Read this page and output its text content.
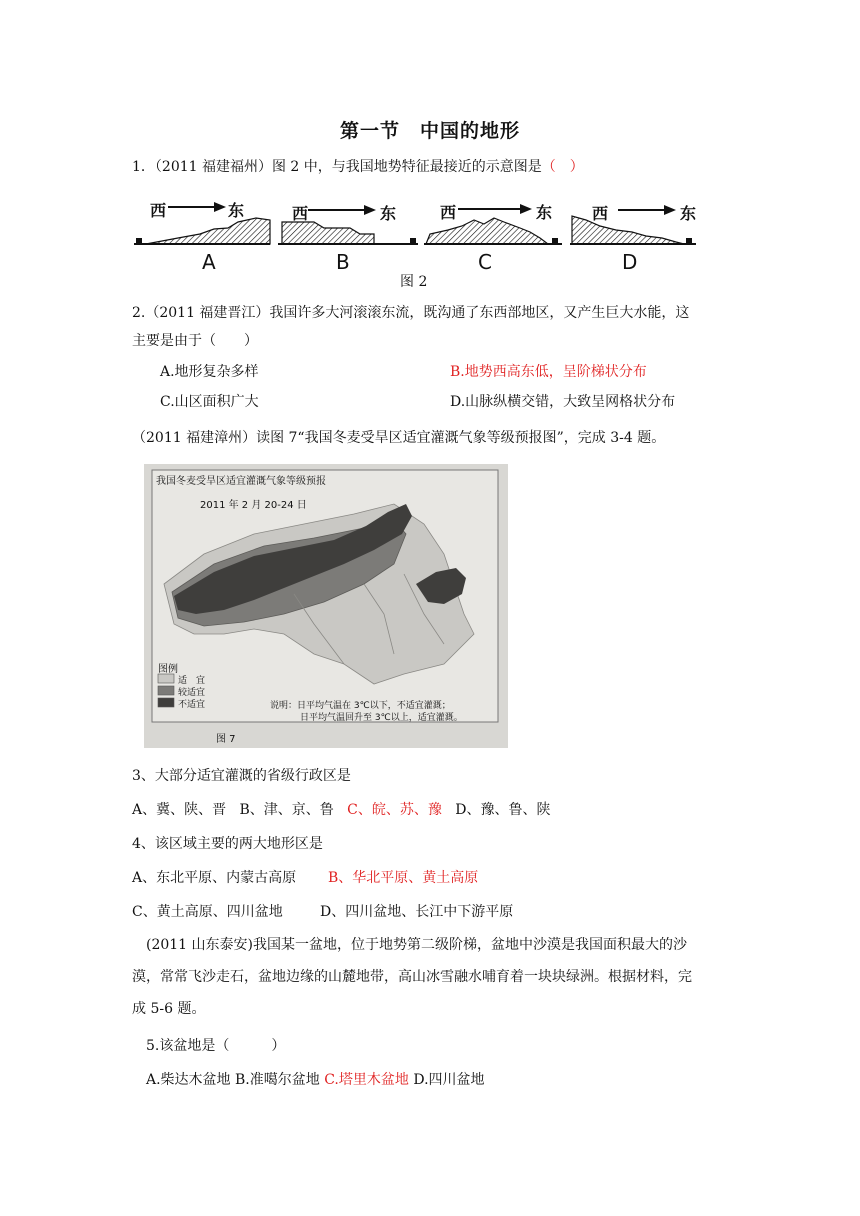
第一节　中国的地形
1．（2011 福建福州）图 2 中，与我国地势特征最接近的示意图是（　）
西	东	西	东	西	东 西	东
A	B	C	D
图 2
2.（2011 福建晋江）我国许多大河滚滚东流，既沟通了东西部地区，又产生巨大水能，这
主要是由于（　　）
A.地形复杂多样	B.地势西高东低，呈阶梯状分布
C.山区面积广大	D.山脉纵横交错，大致呈网格状分布
（2011 福建漳州）读图 7“我国冬麦受旱区适宜灌溉气象等级预报图”，完成 3-4 题。
我国冬麦受旱区适宜灌溉气象等级预报
2011 年 2 月 20-24 日
图例
适　宜
较适宜
不适宜	说明：日平均气温在 3℃以下，不适宜灌溉；
日平均气温回升至 3℃以上，适宜灌溉。
图 7
3、大部分适宜灌溉的省级行政区是
A、冀、陕、晋 B、津、京、鲁 C、皖、苏、豫 D、豫、鲁、陕
4、该区域主要的两大地形区是
A、东北平原、内蒙古高原 B、华北平原、黄土高原
C、黄土高原、四川盆地	D、四川盆地、长江中下游平原
(2011 山东泰安)我国某一盆地，位于地势第二级阶梯，盆地中沙漠是我国面积最大的沙
漠，常常飞沙走石，盆地边缘的山麓地带，高山冰雪融水哺育着一块块绿洲。根据材料，完
成 5-6 题。
5.该盆地是（　　　）
A.柴达木盆地 B.准噶尔盆地 C.塔里木盆地 D.四川盆地
